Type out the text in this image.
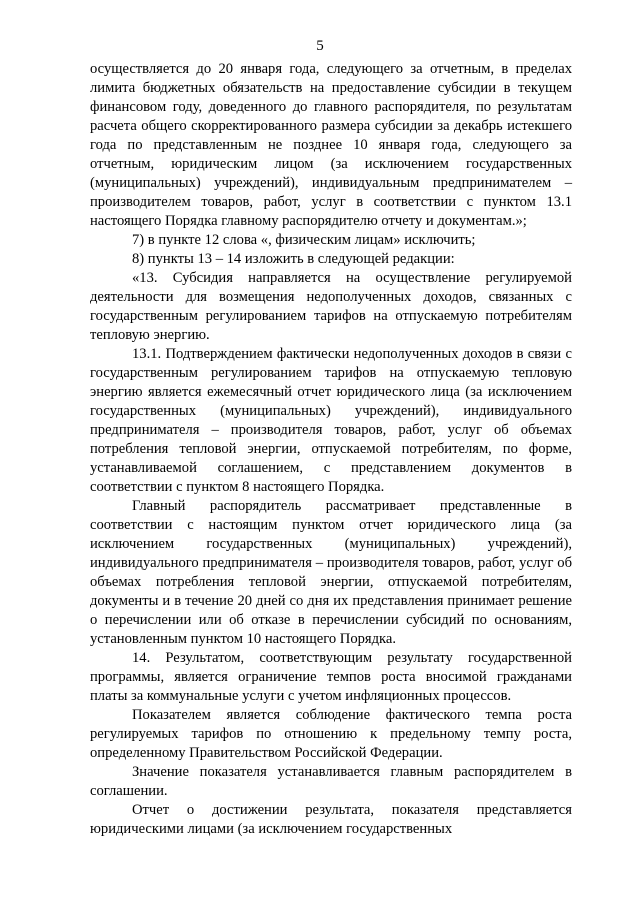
5

осуществляется до 20 января года, следующего за отчетным, в пределах лимита бюджетных обязательств на предоставление субсидии в текущем финансовом году, доведенного до главного распорядителя, по результатам расчета общего скорректированного размера субсидии за декабрь истекшего года по представленным не позднее 10 января года, следующего за отчетным, юридическим лицом (за исключением государственных (муниципальных) учреждений), индивидуальным предпринимателем – производителем товаров, работ, услуг в соответствии с пунктом 13.1 настоящего Порядка главному распорядителю отчету и документам.»;

7) в пункте 12 слова «, физическим лицам» исключить;

8) пункты 13 – 14 изложить в следующей редакции:

«13. Субсидия направляется на осуществление регулируемой деятельности для возмещения недополученных доходов, связанных с государственным регулированием тарифов на отпускаемую потребителям тепловую энергию.

13.1. Подтверждением фактически недополученных доходов в связи с государственным регулированием тарифов на отпускаемую тепловую энергию является ежемесячный отчет юридического лица (за исключением государственных (муниципальных) учреждений), индивидуального предпринимателя – производителя товаров, работ, услуг об объемах потребления тепловой энергии, отпускаемой потребителям, по форме, устанавливаемой соглашением, с представлением документов в соответствии с пунктом 8 настоящего Порядка.

Главный распорядитель рассматривает представленные в соответствии с настоящим пунктом отчет юридического лица (за исключением государственных (муниципальных) учреждений), индивидуального предпринимателя – производителя товаров, работ, услуг об объемах потребления тепловой энергии, отпускаемой потребителям, документы и в течение 20 дней со дня их представления принимает решение о перечислении или об отказе в перечислении субсидий по основаниям, установленным пунктом 10 настоящего Порядка.

14. Результатом, соответствующим результату государственной программы, является ограничение темпов роста вносимой гражданами платы за коммунальные услуги с учетом инфляционных процессов.

Показателем является соблюдение фактического темпа роста регулируемых тарифов по отношению к предельному темпу роста, определенному Правительством Российской Федерации.

Значение показателя устанавливается главным распорядителем в соглашении.

Отчет о достижении результата, показателя представляется юридическими лицами (за исключением государственных
